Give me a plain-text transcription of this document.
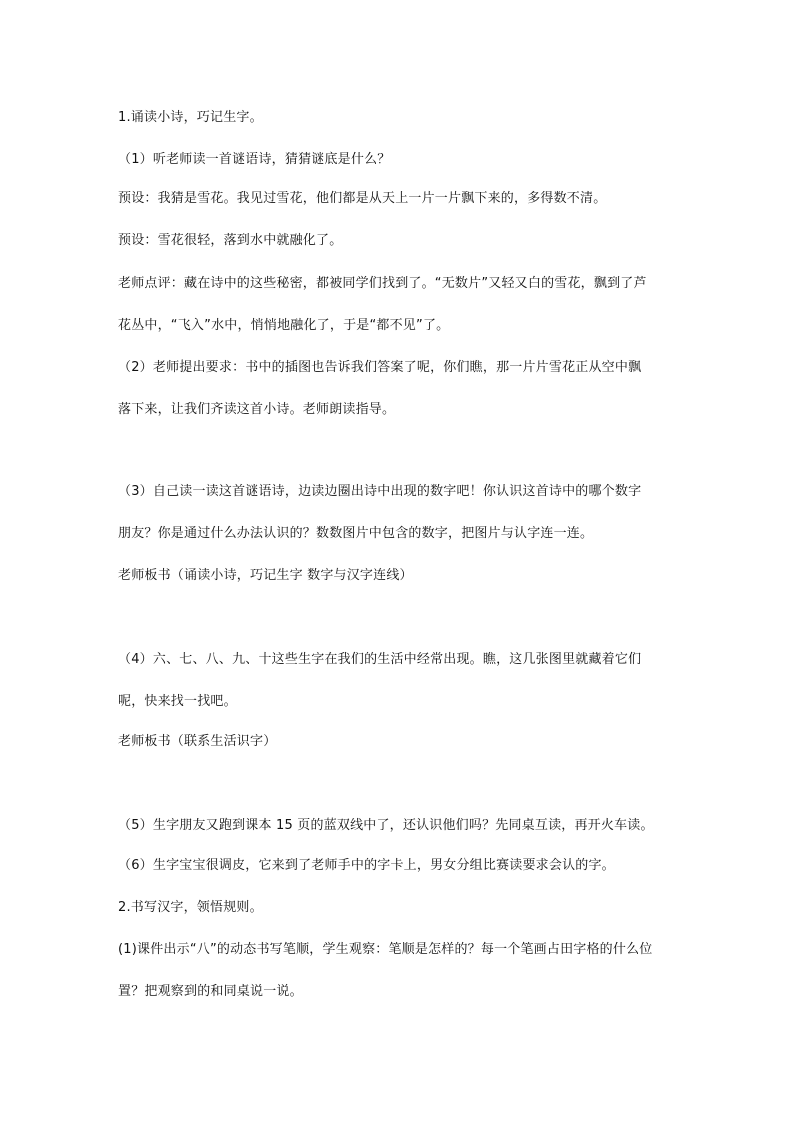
1.诵读小诗，巧记生字。
（1）听老师读一首谜语诗，猜猜谜底是什么？
预设：我猜是雪花。我见过雪花，他们都是从天上一片一片飘下来的，多得数不清。
预设：雪花很轻，落到水中就融化了。
老师点评：藏在诗中的这些秘密，都被同学们找到了。“无数片”又轻又白的雪花，飘到了芦
花丛中，“飞入”水中，悄悄地融化了，于是“都不见”了。
（2）老师提出要求：书中的插图也告诉我们答案了呢，你们瞧，那一片片雪花正从空中飘
落下来，让我们齐读这首小诗。老师朗读指导。
（3）自己读一读这首谜语诗，边读边圈出诗中出现的数字吧！你认识这首诗中的哪个数字
朋友？你是通过什么办法认识的？数数图片中包含的数字，把图片与认字连一连。
老师板书（诵读小诗，巧记生字 数字与汉字连线）
（4）六、七、八、九、十这些生字在我们的生活中经常出现。瞧，这几张图里就藏着它们
呢，快来找一找吧。
老师板书（联系生活识字）
（5）生字朋友又跑到课本 15 页的蓝双线中了，还认识他们吗？先同桌互读，再开火车读。
（6）生字宝宝很调皮，它来到了老师手中的字卡上，男女分组比赛读要求会认的字。
2.书写汉字，领悟规则。
(1)课件出示“八”的动态书写笔顺，学生观察：笔顺是怎样的？每一个笔画占田字格的什么位
置？把观察到的和同桌说一说。
